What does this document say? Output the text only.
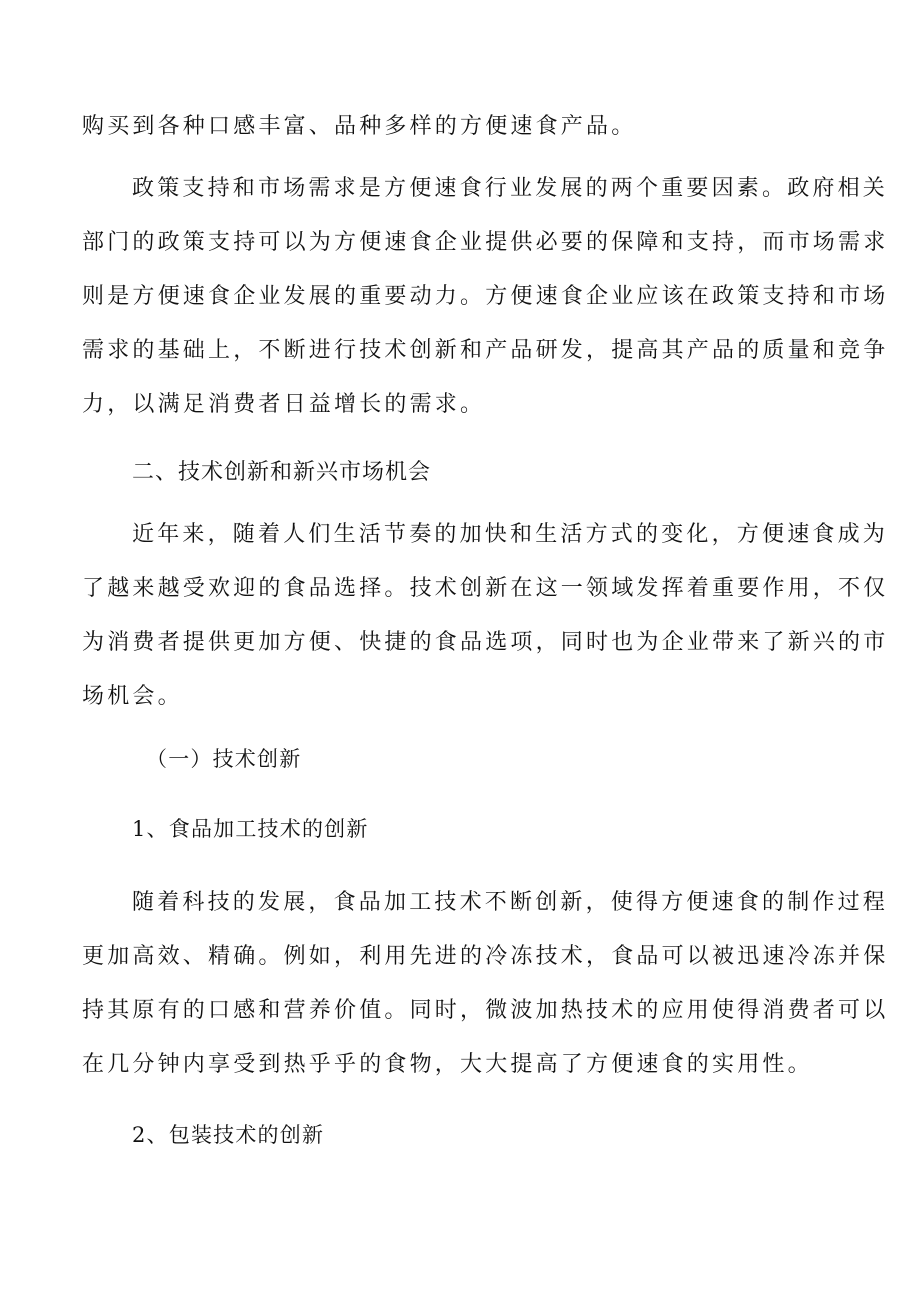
购买到各种口感丰富、品种多样的方便速食产品。
政策支持和市场需求是方便速食行业发展的两个重要因素。政府相关
部门的政策支持可以为方便速食企业提供必要的保障和支持，而市场需求
则是方便速食企业发展的重要动力。方便速食企业应该在政策支持和市场
需求的基础上，不断进行技术创新和产品研发，提高其产品的质量和竞争
力，以满足消费者日益增长的需求。
二、技术创新和新兴市场机会
近年来，随着人们生活节奏的加快和生活方式的变化，方便速食成为
了越来越受欢迎的食品选择。技术创新在这一领域发挥着重要作用，不仅
为消费者提供更加方便、快捷的食品选项，同时也为企业带来了新兴的市
场机会。
（一）技术创新
1、食品加工技术的创新
随着科技的发展，食品加工技术不断创新，使得方便速食的制作过程
更加高效、精确。例如，利用先进的冷冻技术，食品可以被迅速冷冻并保
持其原有的口感和营养价值。同时，微波加热技术的应用使得消费者可以
在几分钟内享受到热乎乎的食物，大大提高了方便速食的实用性。
2、包装技术的创新
